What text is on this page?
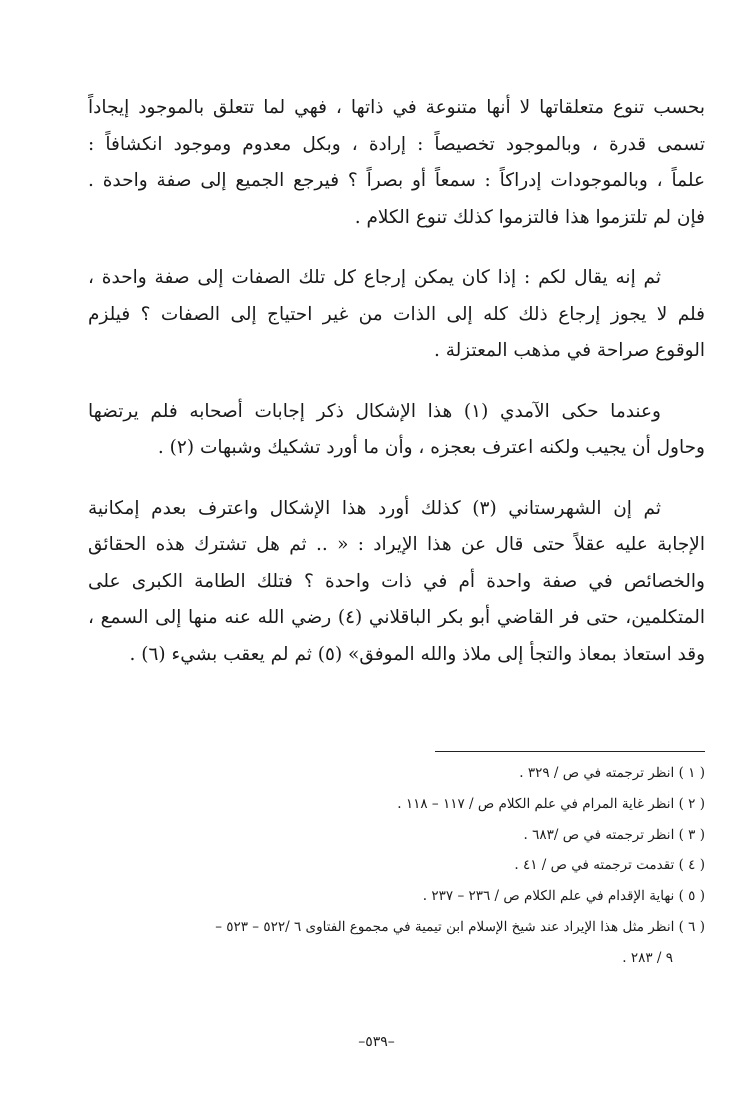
بحسب تنوع متعلقاتها لا أنها متنوعة في ذاتها ، فهي لما تتعلق بالموجود إيجاداً
تسمى قدرة ، وبالموجود تخصيصاً : إرادة ، وبكل معدوم وموجود انكشافاً :
علماً ، وبالموجودات إدراكاً : سمعاً أو بصراً ؟ فيرجع الجميع إلى صفة واحدة .
فإن لم تلتزموا هذا فالتزموا كذلك تنوع الكلام .

ثم إنه يقال لكم : إذا كان يمكن إرجاع كل تلك الصفات إلى صفة واحدة ،
فلم لا يجوز إرجاع ذلك كله إلى الذات من غير احتياج إلى الصفات ؟ فيلزم
الوقوع صراحة في مذهب المعتزلة .

وعندما حكى الآمدي (١) هذا الإشكال ذكر إجابات أصحابه فلم يرتضها
وحاول أن يجيب ولكنه اعترف بعجزه ، وأن ما أورد تشكيك وشبهات (٢) .

ثم إن الشهرستاني (٣) كذلك أورد هذا الإشكال واعترف بعدم إمكانية
الإجابة عليه عقلاً حتى قال عن هذا الإيراد : « .. ثم هل تشترك هذه الحقائق
والخصائص في صفة واحدة أم في ذات واحدة ؟ فتلك الطامة الكبرى على
المتكلمين، حتى فر القاضي أبو بكر الباقلاني (٤) رضي الله عنه منها إلى السمع ،
وقد استعاذ بمعاذ والتجأ إلى ملاذ والله الموفق» (٥) ثم لم يعقب بشيء (٦) .

( ١ ) انظر ترجمته في ص / ٣٢٩ .
( ٢ ) انظر غاية المرام في علم الكلام ص / ١١٧ – ١١٨ .
( ٣ ) انظر ترجمته في ص /٦٨٣ .
( ٤ ) تقدمت ترجمته في ص / ٤١ .
( ٥ ) نهاية الإقدام في علم الكلام ص / ٢٣٦ – ٢٣٧ .
( ٦ ) انظر مثل هذا الإيراد عند شيخ الإسلام ابن تيمية في مجموع الفتاوى ٦ /٥٢٢ – ٥٢٣ –
٩ / ٢٨٣ .
–٥٣٩–
